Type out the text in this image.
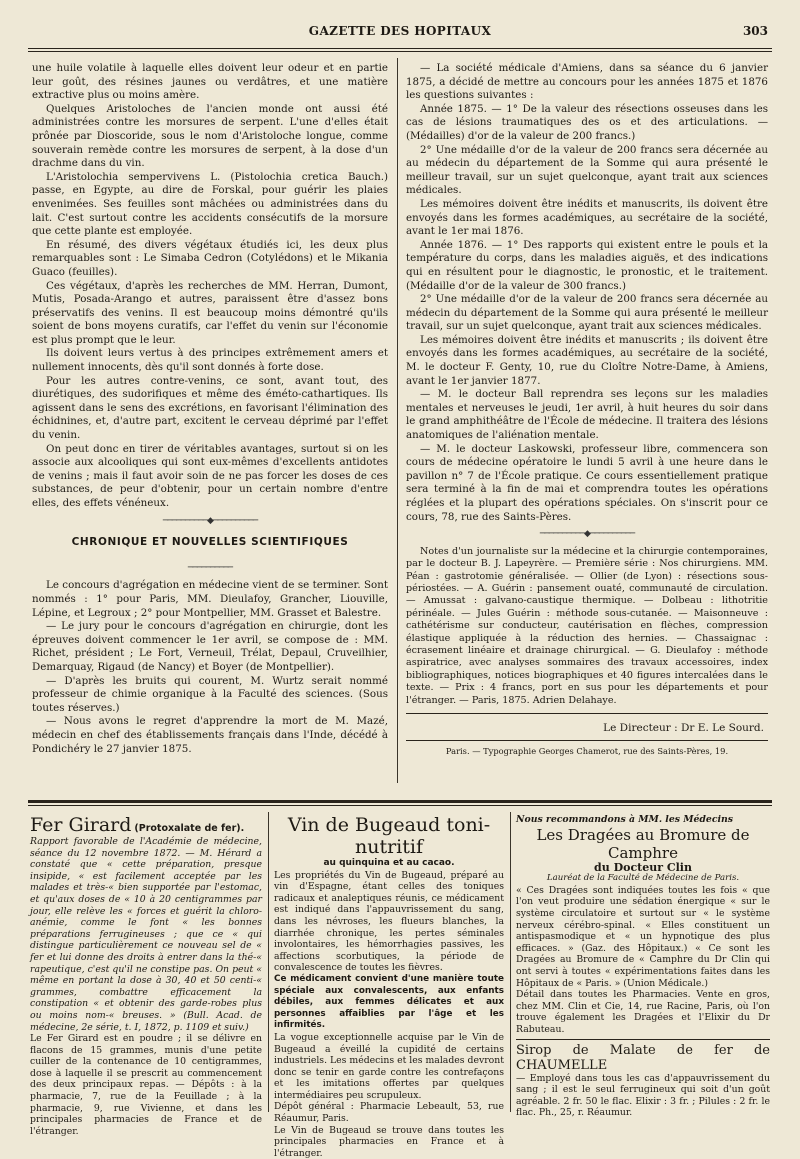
GAZETTE DES HOPITAUX	303

une huile volatile à laquelle elles doivent leur odeur et en partie leur goût, des résines jaunes ou verdâtres, et une matière extractive plus ou moins amère.

Quelques Aristoloches de l'ancien monde ont aussi été administrées contre les morsures de serpent. L'une d'elles était prônée par Dioscoride, sous le nom d'Aristoloche longue, comme souverain remède contre les morsures de serpent, à la dose d'un drachme dans du vin.

L'Aristolochia sempervivens L. (Pistolochia cretica Bauch.) passe, en Egypte, au dire de Forskal, pour guérir les plaies envenimées. Ses feuilles sont mâchées ou administrées dans du lait. C'est surtout contre les accidents consécutifs de la morsure que cette plante est employée.

En résumé, des divers végétaux étudiés ici, les deux plus remarquables sont : Le Simaba Cedron (Cotylédons) et le Mikania Guaco (feuilles).

Ces végétaux, d'après les recherches de MM. Herran, Dumont, Mutis, Posada-Arango et autres, paraissent être d'assez bons préservatifs des venins. Il est beaucoup moins démontré qu'ils soient de bons moyens curatifs, car l'effet du venin sur l'économie est plus prompt que le leur.

Ils doivent leurs vertus à des principes extrêmement amers et nullement innocents, dès qu'il sont donnés à forte dose.

Pour les autres contre-venins, ce sont, avant tout, des diurétiques, des sudorifiques et même des éméto-cathartiques. Ils agissent dans le sens des excrétions, en favorisant l'élimination des échidnines, et, d'autre part, excitent le cerveau déprimé par l'effet du venin.

On peut donc en tirer de véritables avantages, surtout si on les associe aux alcooliques qui sont eux-mêmes d'excellents antidotes de venins ; mais il faut avoir soin de ne pas forcer les doses de ces substances, de peur d'obtenir, pour un certain nombre d'entre elles, des effets vénéneux.

──────────◆──────────
CHRONIQUE ET NOUVELLES SCIENTIFIQUES
──────────

Le concours d'agrégation en médecine vient de se terminer. Sont nommés : 1° pour Paris, MM. Dieulafoy, Grancher, Liouville, Lépine, et Legroux ; 2° pour Montpellier, MM. Grasset et Balestre.

— Le jury pour le concours d'agrégation en chirurgie, dont les épreuves doivent commencer le 1er avril, se compose de : MM. Richet, président ; Le Fort, Verneuil, Trélat, Depaul, Cruveilhier, Demarquay, Rigaud (de Nancy) et Boyer (de Montpellier).

— D'après les bruits qui courent, M. Wurtz serait nommé professeur de chimie organique à la Faculté des sciences. (Sous toutes réserves.)

— Nous avons le regret d'apprendre la mort de M. Mazé, médecin en chef des établissements français dans l'Inde, décédé à Pondichéry le 27 janvier 1875.

— La société médicale d'Amiens, dans sa séance du 6 janvier 1875, a décidé de mettre au concours pour les années 1875 et 1876 les questions suivantes :

Année 1875. — 1° De la valeur des résections osseuses dans les cas de lésions traumatiques des os et des articulations. — (Médailles) d'or de la valeur de 200 francs.)

2° Une médaille d'or de la valeur de 200 francs sera décernée au au médecin du département de la Somme qui aura présenté le meilleur travail, sur un sujet quelconque, ayant trait aux sciences médicales.

Les mémoires doivent être inédits et manuscrits, ils doivent être envoyés dans les formes académiques, au secrétaire de la société, avant le 1er mai 1876.

Année 1876. — 1° Des rapports qui existent entre le pouls et la température du corps, dans les maladies aiguës, et des indications qui en résultent pour le diagnostic, le pronostic, et le traitement. (Médaille d'or de la valeur de 300 francs.)

2° Une médaille d'or de la valeur de 200 francs sera décernée au médecin du département de la Somme qui aura présenté le meilleur travail, sur un sujet quelconque, ayant trait aux sciences médicales.

Les mémoires doivent être inédits et manuscrits ; ils doivent être envoyés dans les formes académiques, au secrétaire de la société, M. le docteur F. Genty, 10, rue du Cloître Notre-Dame, à Amiens, avant le 1er janvier 1877.

— M. le docteur Ball reprendra ses leçons sur les maladies mentales et nerveuses le jeudi, 1er avril, à huit heures du soir dans le grand amphithéâtre de l'École de médecine. Il traitera des lésions anatomiques de l'aliénation mentale.

— M. le docteur Laskowski, professeur libre, commencera son cours de médecine opératoire le lundi 5 avril à une heure dans le pavillon n° 7 de l'École pratique. Ce cours essentiellement pratique sera terminé à la fin de mai et comprendra toutes les opérations réglées et la plupart des opérations spéciales. On s'inscrit pour ce cours, 78, rue des Saints-Pères.

──────────◆──────────

Notes d'un journaliste sur la médecine et la chirurgie contemporaines, par le docteur B. J. Lapeyrère. — Première série : Nos chirurgiens. MM. Péan : gastrotomie généralisée. — Ollier (de Lyon) : résections sous-périostées. — A. Guérin : pansement ouaté, communauté de circulation. — Amussat : galvano-caustique thermique. — Dolbeau : lithotritie périnéale. — Jules Guérin : méthode sous-cutanée. — Maisonneuve : cathétérisme sur conducteur, cautérisation en flèches, compression élastique appliquée à la réduction des hernies. — Chassaignac : écrasement linéaire et drainage chirurgical. — G. Dieulafoy : méthode aspiratrice, avec analyses sommaires des travaux accessoires, index bibliographiques, notices biographiques et 40 figures intercalées dans le texte. — Prix : 4 francs, port en sus pour les départements et pour l'étranger. — Paris, 1875. Adrien Delahaye.

Le Directeur : Dr E. Le Sourd.
Paris. — Typographie Georges Chamerot, rue des Saints-Pères, 19.

Fer Girard (Protoxalate de fer).

Rapport favorable de l'Académie de médecine, séance du 12 novembre 1872. — M. Hérard a constaté que « cette préparation, presque insipide, « est facilement acceptée par les malades et très-« bien supportée par l'estomac, et qu'aux doses de « 10 à 20 centigrammes par jour, elle relève les « forces et guérit la chloro-anémie, comme le font « les bonnes préparations ferrugineuses ; que ce « qui distingue particulièrement ce nouveau sel de « fer et lui donne des droits à entrer dans la thé-« rapeutique, c'est qu'il ne constipe pas. On peut « même en portant la dose à 30, 40 et 50 centi-« grammes, combattre efficacement la constipation « et obtenir des garde-robes plus ou moins nom-« breuses. » (Bull. Acad. de médecine, 2e série, t. I, 1872, p. 1109 et suiv.)

Le Fer Girard est en poudre ; il se délivre en flacons de 15 grammes, munis d'une petite cuiller de la contenance de 10 centigrammes, dose à laquelle il se prescrit au commencement des deux principaux repas. — Dépôts : à la pharmacie, 7, rue de la Feuillade ; à la pharmacie, 9, rue Vivienne, et dans les principales pharmacies de France et de l'étranger.

Vin de Bugeaud toni-nutritif

au quinquina et au cacao.

Les propriétés du Vin de Bugeaud, préparé au vin d'Espagne, étant celles des toniques radicaux et analeptiques réunis, ce médicament est indiqué dans l'appauvrissement du sang, dans les névroses, les flueurs blanches, la diarrhée chronique, les pertes séminales involontaires, les hémorrhagies passives, les affections scorbutiques, la période de convalescence de toutes les fièvres.

Ce médicament convient d'une manière toute spéciale aux convalescents, aux enfants débiles, aux femmes délicates et aux personnes affaiblies par l'âge et les infirmités.

La vogue exceptionnelle acquise par le Vin de Bugeaud a éveillé la cupidité de certains industriels. Les médecins et les malades devront donc se tenir en garde contre les contrefaçons et les imitations offertes par quelques intermédiaires peu scrupuleux.

Dépôt général : Pharmacie Lebeault, 53, rue Réaumur, Paris.

Le Vin de Bugeaud se trouve dans toutes les principales pharmacies en France et à l'étranger.

Nous recommandons à MM. les Médecins

Les Dragées au Bromure de Camphre

du Docteur Clin

Lauréat de la Faculté de Médecine de Paris.

« Ces Dragées sont indiquées toutes les fois « que l'on veut produire une sédation énergique « sur le système circulatoire et surtout sur « le système nerveux cérébro-spinal. « Elles constituent un antispasmodique et « un hypnotique des plus efficaces. » (Gaz. des Hôpitaux.) « Ce sont les Dragées au Bromure de « Camphre du Dr Clin qui ont servi à toutes « expérimentations faites dans les Hôpitaux de « Paris. » (Union Médicale.)

Détail dans toutes les Pharmacies. Vente en gros, chez MM. Clin et Cie, 14, rue Racine, Paris, où l'on trouve également les Dragées et l'Elixir du Dr Rabuteau.

Sirop de Malate de fer de CHAUMELLE

— Employé dans tous les cas d'appauvrissement du sang ; il est le seul ferrugineux qui soit d'un goût agréable. 2 fr. 50 le flac. Elixir : 3 fr. ; Pilules : 2 fr. le flac. Ph., 25, r. Réaumur.
